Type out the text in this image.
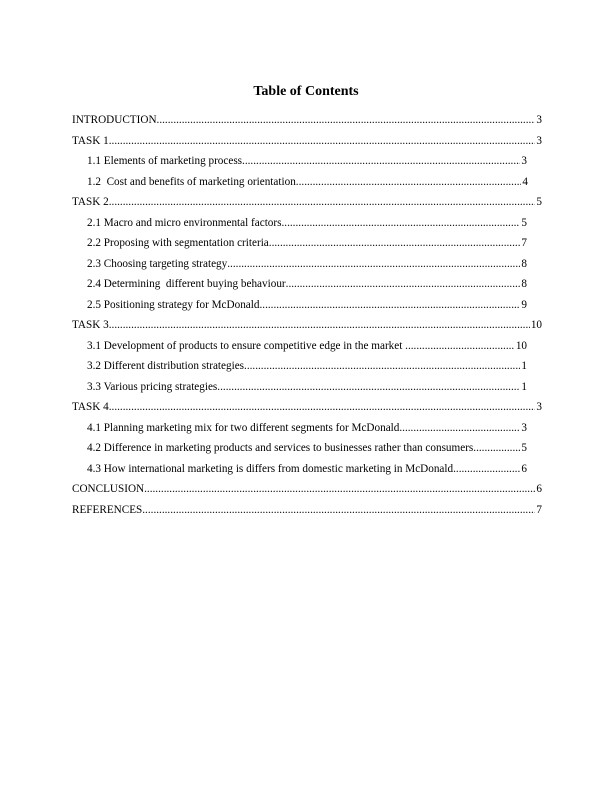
Table of Contents
INTRODUCTION .....	3
TASK 1 .....	3
1.1 Elements of marketing process .....	3
1.2  Cost and benefits of marketing orientation .....	4
TASK 2 .....	5
2.1 Macro and micro environmental factors .....	5
2.2 Proposing with segmentation criteria .....	7
2.3 Choosing targeting strategy .....	8
2.4 Determining  different buying behaviour .....	8
2.5 Positioning strategy for McDonald .....	9
TASK 3 .....	10
3.1 Development of products to ensure competitive edge in the market .....	10
3.2 Different distribution strategies .....	1
3.3 Various pricing strategies .....	1
TASK 4 .....	3
4.1 Planning marketing mix for two different segments for McDonald .....	3
4.2 Difference in marketing products and services to businesses rather than consumers .....	5
4.3 How international marketing is differs from domestic marketing in McDonald .....	6
CONCLUSION .....	6
REFERENCES .....	7
